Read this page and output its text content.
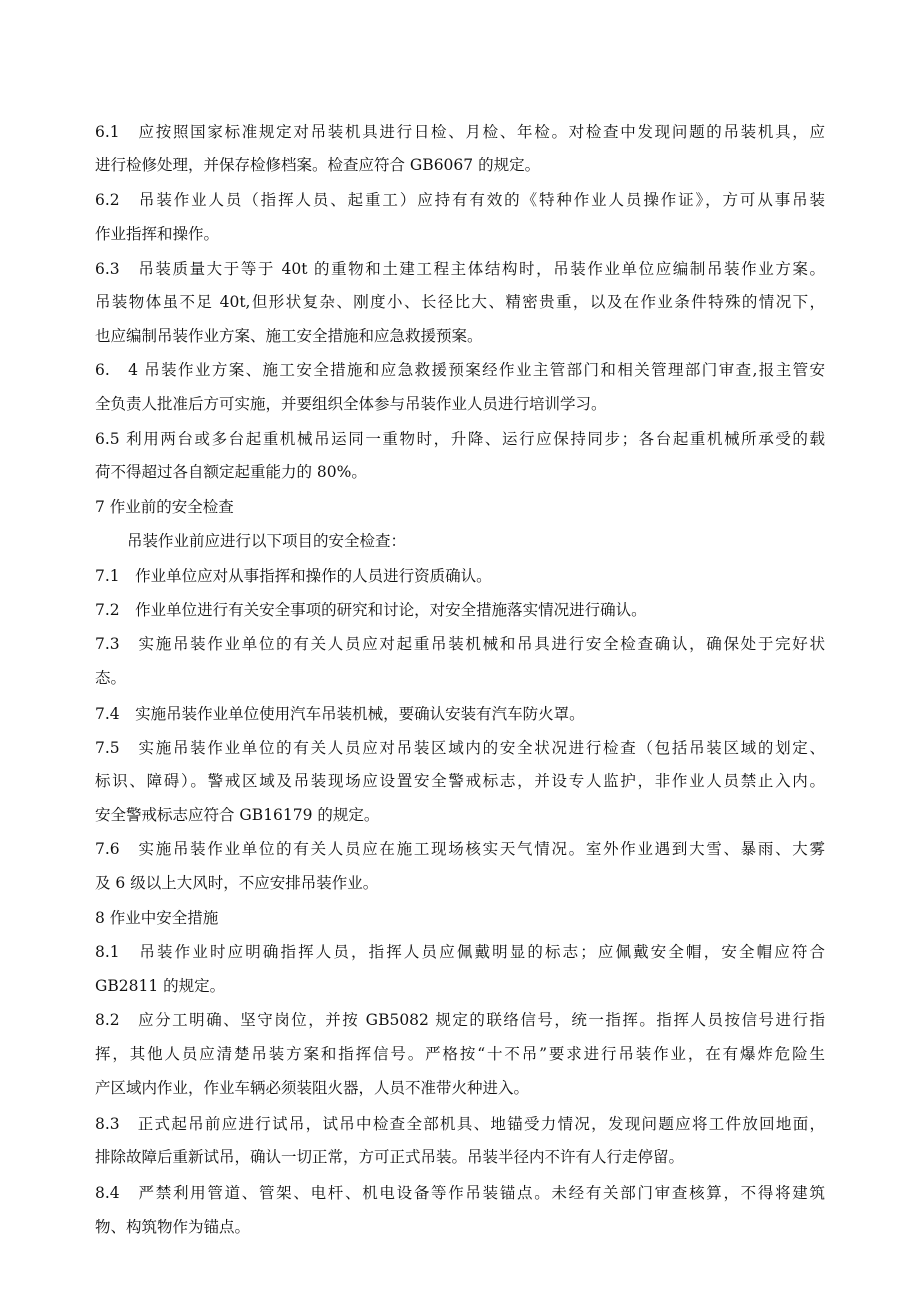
6.1　应按照国家标准规定对吊装机具进行日检、月检、年检。对检查中发现问题的吊装机具，应
进行检修处理，并保存检修档案。检查应符合 GB6067 的规定。
6.2　吊装作业人员（指挥人员、起重工）应持有有效的《特种作业人员操作证》，方可从事吊装
作业指挥和操作。
6.3　吊装质量大于等于 40t 的重物和土建工程主体结构时，吊装作业单位应编制吊装作业方案。
吊装物体虽不足 40t,但形状复杂、刚度小、长径比大、精密贵重，以及在作业条件特殊的情况下，
也应编制吊装作业方案、施工安全措施和应急救援预案。
6.　4 吊装作业方案、施工安全措施和应急救援预案经作业主管部门和相关管理部门审查,报主管安
全负责人批准后方可实施，并要组织全体参与吊装作业人员进行培训学习。
6.5 利用两台或多台起重机械吊运同一重物时，升降、运行应保持同步；各台起重机械所承受的载
荷不得超过各自额定起重能力的 80%。
7 作业前的安全检查
吊装作业前应进行以下项目的安全检查：
7.1　作业单位应对从事指挥和操作的人员进行资质确认。
7.2　作业单位进行有关安全事项的研究和讨论，对安全措施落实情况进行确认。
7.3　实施吊装作业单位的有关人员应对起重吊装机械和吊具进行安全检查确认，确保处于完好状
态。
7.4　实施吊装作业单位使用汽车吊装机械，要确认安装有汽车防火罩。
7.5　实施吊装作业单位的有关人员应对吊装区域内的安全状况进行检查（包括吊装区域的划定、
标识、障碍）。警戒区域及吊装现场应设置安全警戒标志，并设专人监护，非作业人员禁止入内。
安全警戒标志应符合 GB16179 的规定。
7.6　实施吊装作业单位的有关人员应在施工现场核实天气情况。室外作业遇到大雪、暴雨、大雾
及 6 级以上大风时，不应安排吊装作业。
8 作业中安全措施
8.1　吊装作业时应明确指挥人员，指挥人员应佩戴明显的标志；应佩戴安全帽，安全帽应符合
GB2811 的规定。
8.2　应分工明确、坚守岗位，并按 GB5082 规定的联络信号，统一指挥。指挥人员按信号进行指
挥，其他人员应清楚吊装方案和指挥信号。严格按“十不吊”要求进行吊装作业，在有爆炸危险生
产区域内作业，作业车辆必须装阻火器，人员不准带火种进入。
8.3　正式起吊前应进行试吊，试吊中检查全部机具、地锚受力情况，发现问题应将工件放回地面，
排除故障后重新试吊，确认一切正常，方可正式吊装。吊装半径内不许有人行走停留。
8.4　严禁利用管道、管架、电杆、机电设备等作吊装锚点。未经有关部门审查核算，不得将建筑
物、构筑物作为锚点。
